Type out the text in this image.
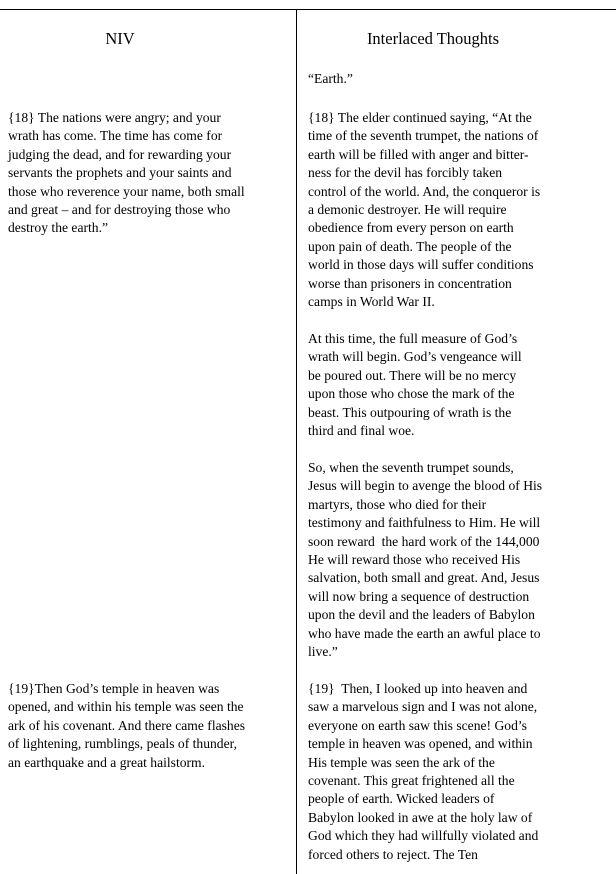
NIV	Interlaced Thoughts
“Earth.”
{18} The nations were angry; and your
wrath has come. The time has come for
judging the dead, and for rewarding your
servants the prophets and your saints and
those who reverence your name, both small
and great – and for destroying those who
destroy the earth.”
{18} The elder continued saying, “At the
time of the seventh trumpet, the nations of
earth will be filled with anger and bitter-
ness for the devil has forcibly taken
control of the world. And, the conqueror is
a demonic destroyer. He will require
obedience from every person on earth
upon pain of death. The people of the
world in those days will suffer conditions
worse than prisoners in concentration
camps in World War II.
At this time, the full measure of God’s
wrath will begin. God’s vengeance will
be poured out. There will be no mercy
upon those who chose the mark of the
beast. This outpouring of wrath is the
third and final woe.
So, when the seventh trumpet sounds,
Jesus will begin to avenge the blood of His
martyrs, those who died for their
testimony and faithfulness to Him. He will
soon reward  the hard work of the 144,000
He will reward those who received His
salvation, both small and great. And, Jesus
will now bring a sequence of destruction
upon the devil and the leaders of Babylon
who have made the earth an awful place to
live.”
{19}Then God’s temple in heaven was
opened, and within his temple was seen the
ark of his covenant. And there came flashes
of lightening, rumblings, peals of thunder,
an earthquake and a great hailstorm.
{19}  Then, I looked up into heaven and
saw a marvelous sign and I was not alone,
everyone on earth saw this scene! God’s
temple in heaven was opened, and within
His temple was seen the ark of the
covenant. This great frightened all the
people of earth. Wicked leaders of
Babylon looked in awe at the holy law of
God which they had willfully violated and
forced others to reject. The Ten
